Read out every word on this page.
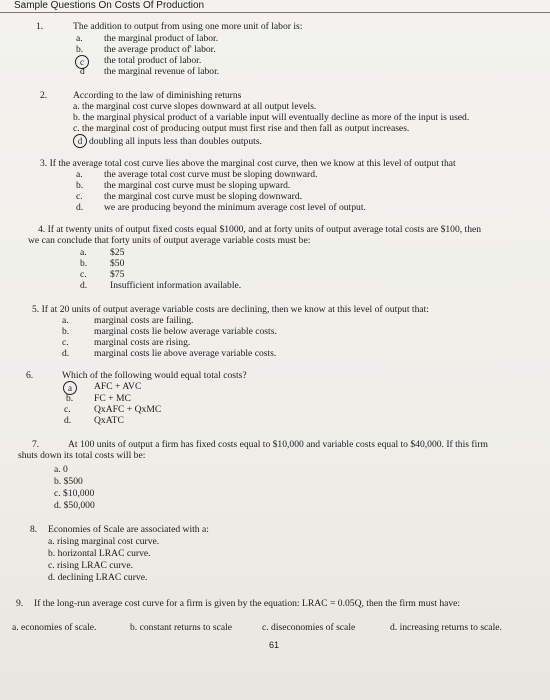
Sample Questions On Costs Of Production
1.	The addition to output from using one more unit of labor is:
a. the marginal product of labor.
b. the average product of' labor.
c	the total product of labor.
d the marginal revenue of labor.
2.	According to the law of diminishing returns
a. the marginal cost curve slopes downward at all output levels.
b. the marginal physical product of a variable input will eventually decline as more of the input is used.
c. the marginal cost of producing output must first rise and then fall as output increases.
d doubling all inputs less than doubles outputs.
3. If the average total cost curve lies above the marginal cost curve, then we know at this level of output that
a. the average total cost curve must be sloping downward.
b. the marginal cost curve must be sloping upward.
c. the marginal cost curve must be sloping downward.
d. we are producing beyond the minimum average cost level of output.
4. If at twenty units of output fixed costs equal $1000, and at forty units of output average total costs are $100, then
we can conclude that forty units of output average variable costs must be:
a. $25
b. $50
c. $75
d. Insufficient information available.
5. If at 20 units of output average variable costs are declining, then we know at this level of output that:
a.	marginal costs are failing.
b.	marginal costs lie below average variable costs.
c.	marginal costs are rising.
d.	marginal costs lie above average variable costs.
6.	Which of the following would equal total costs?
a	AFC + AVC
b. FC + MC
c. QxAFC + QxMC
d. QxATC
7.	At 100 units of output a firm has fixed costs equal to $10,000 and variable costs equal to $40,000. If this firm
shuts down its total costs will be:
a. 0
b. $500
c. $10,000
d. $50,000
8. Economies of Scale are associated with a:
a. rising marginal cost curve.
b. horizontal LRAC curve.
c. rising LRAC curve.
d. declining LRAC curve.
9. If the long-run average cost curve for a firm is given by the equation: LRAC = 0.05Q, then the firm must have:
a. economies of scale.	b. constant returns to scale	c. diseconomies of scale	d. increasing returns to scale.
61
